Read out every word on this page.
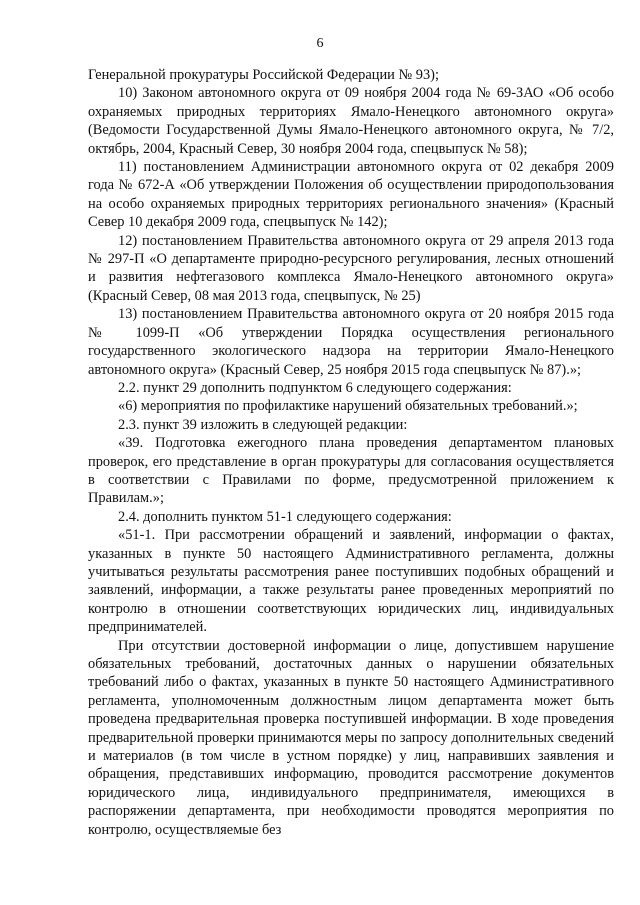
6

Генеральной прокуратуры Российской Федерации № 93);

10) Законом автономного округа от 09 ноября 2004 года № 69-ЗАО «Об особо охраняемых природных территориях Ямало-Ненецкого автономного округа» (Ведомости Государственной Думы Ямало-Ненецкого автономного округа, № 7/2, октябрь, 2004, Красный Север, 30 ноября 2004 года, спецвыпуск № 58);

11) постановлением Администрации автономного округа от 02 декабря 2009 года № 672-А «Об утверждении Положения об осуществлении природопользования на особо охраняемых природных территориях регионального значения» (Красный Север 10 декабря 2009 года, спецвыпуск № 142);

12) постановлением Правительства автономного округа от 29 апреля 2013 года № 297-П «О департаменте природно-ресурсного регулирования, лесных отношений и развития нефтегазового комплекса Ямало-Ненецкого автономного округа» (Красный Север, 08 мая 2013 года, спецвыпуск, № 25)

13) постановлением Правительства автономного округа от 20 ноября 2015 года № 1099-П «Об утверждении Порядка осуществления регионального государственного экологического надзора на территории Ямало-Ненецкого автономного округа» (Красный Север, 25 ноября 2015 года спецвыпуск № 87).»;

2.2. пункт 29 дополнить подпунктом 6 следующего содержания:

«6) мероприятия по профилактике нарушений обязательных требований.»;

2.3. пункт 39 изложить в следующей редакции:

«39. Подготовка ежегодного плана проведения департаментом плановых проверок, его представление в орган прокуратуры для согласования осуществляется в соответствии с Правилами по форме, предусмотренной приложением к Правилам.»;

2.4. дополнить пунктом 51-1 следующего содержания:

«51-1. При рассмотрении обращений и заявлений, информации о фактах, указанных в пункте 50 настоящего Административного регламента, должны учитываться результаты рассмотрения ранее поступивших подобных обращений и заявлений, информации, а также результаты ранее проведенных мероприятий по контролю в отношении соответствующих юридических лиц, индивидуальных предпринимателей.

При отсутствии достоверной информации о лице, допустившем нарушение обязательных требований, достаточных данных о нарушении обязательных требований либо о фактах, указанных в пункте 50 настоящего Административного регламента, уполномоченным должностным лицом департамента может быть проведена предварительная проверка поступившей информации. В ходе проведения предварительной проверки принимаются меры по запросу дополнительных сведений и материалов (в том числе в устном порядке) у лиц, направивших заявления и обращения, представивших информацию, проводится рассмотрение документов юридического лица, индивидуального предпринимателя, имеющихся в распоряжении департамента, при необходимости проводятся мероприятия по контролю, осуществляемые без
